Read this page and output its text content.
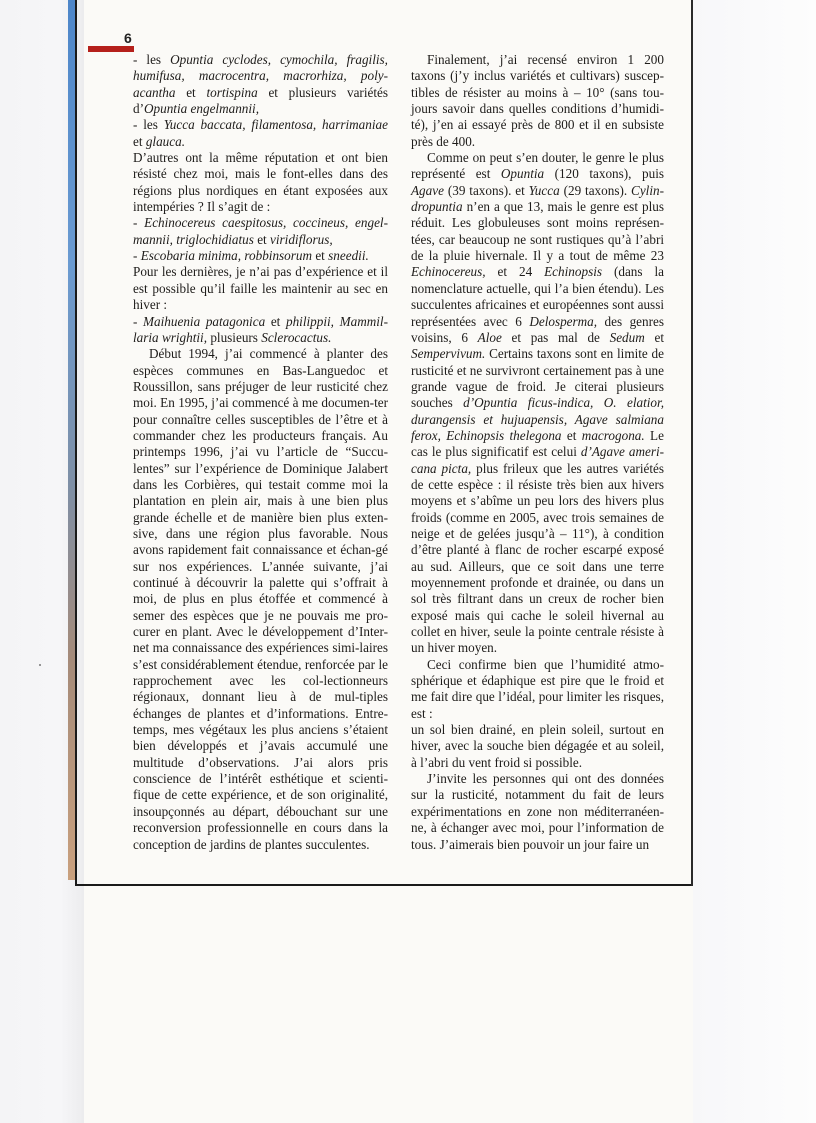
6

- les Opuntia cyclodes, cymochila, fragilis, humifusa, macrocentra, macrorhiza, poly-acantha et tortispina et plusieurs variétés d’Opuntia engelmannii,

- les Yucca baccata, filamentosa, harrimaniae et glauca.

D’autres ont la même réputation et ont bien résisté chez moi, mais le font-elles dans des régions plus nordiques en étant exposées aux intempéries ? Il s’agit de :

- Echinocereus caespitosus, coccineus, engel-mannii, triglochidiatus et viridiflorus,

- Escobaria minima, robbinsorum et sneedii.

Pour les dernières, je n’ai pas d’expérience et il est possible qu’il faille les maintenir au sec en hiver :

- Maihuenia patagonica et philippii, Mammil-laria wrightii, plusieurs Sclerocactus.

Début 1994, j’ai commencé à planter des espèces communes en Bas-Languedoc et Roussillon, sans préjuger de leur rusticité chez moi. En 1995, j’ai commencé à me documen-ter pour connaître celles susceptibles de l’être et à commander chez les producteurs français. Au printemps 1996, j’ai vu l’article de “Succu-lentes” sur l’expérience de Dominique Jalabert dans les Corbières, qui testait comme moi la plantation en plein air, mais à une bien plus grande échelle et de manière bien plus exten-sive, dans une région plus favorable. Nous avons rapidement fait connaissance et échan-gé sur nos expériences. L’année suivante, j’ai continué à découvrir la palette qui s’offrait à moi, de plus en plus étoffée et commencé à semer des espèces que je ne pouvais me pro-curer en plant. Avec le développement d’Inter-net ma connaissance des expériences simi-laires s’est considérablement étendue, renforcée par le rapprochement avec les col-lectionneurs régionaux, donnant lieu à de mul-tiples échanges de plantes et d’informations. Entre-temps, mes végétaux les plus anciens s’étaient bien développés et j’avais accumulé une multitude d’observations. J’ai alors pris conscience de l’intérêt esthétique et scienti-fique de cette expérience, et de son originalité, insoupçonnés au départ, débouchant sur une reconversion professionnelle en cours dans la conception de jardins de plantes succulentes.

Finalement, j’ai recensé environ 1 200 taxons (j’y inclus variétés et cultivars) suscep-tibles de résister au moins à – 10° (sans tou-jours savoir dans quelles conditions d’humidi-té), j’en ai essayé près de 800 et il en subsiste près de 400.

Comme on peut s’en douter, le genre le plus représenté est Opuntia (120 taxons), puis Agave (39 taxons). et Yucca (29 taxons). Cylin-dropuntia n’en a que 13, mais le genre est plus réduit. Les globuleuses sont moins représen-tées, car beaucoup ne sont rustiques qu’à l’abri de la pluie hivernale. Il y a tout de même 23 Echinocereus, et 24 Echinopsis (dans la nomenclature actuelle, qui l’a bien étendu). Les succulentes africaines et européennes sont aussi représentées avec 6 Delosperma, des genres voisins, 6 Aloe et pas mal de Sedum et Sempervivum. Certains taxons sont en limite de rusticité et ne survivront certainement pas à une grande vague de froid. Je citerai plusieurs souches d’Opuntia ficus-indica, O. elatior, durangensis et hujuapensis, Agave salmiana ferox, Echinopsis thelegona et macrogona. Le cas le plus significatif est celui d’Agave ameri-cana picta, plus frileux que les autres variétés de cette espèce : il résiste très bien aux hivers moyens et s’abîme un peu lors des hivers plus froids (comme en 2005, avec trois semaines de neige et de gelées jusqu’à – 11°), à condition d’être planté à flanc de rocher escarpé exposé au sud. Ailleurs, que ce soit dans une terre moyennement profonde et drainée, ou dans un sol très filtrant dans un creux de rocher bien exposé mais qui cache le soleil hivernal au collet en hiver, seule la pointe centrale résiste à un hiver moyen.

Ceci confirme bien que l’humidité atmo-sphérique et édaphique est pire que le froid et me fait dire que l’idéal, pour limiter les risques, est :

un sol bien drainé, en plein soleil, surtout en hiver, avec la souche bien dégagée et au soleil, à l’abri du vent froid si possible.

J’invite les personnes qui ont des données sur la rusticité, notamment du fait de leurs expérimentations en zone non méditerranéen-ne, à échanger avec moi, pour l’information de tous. J’aimerais bien pouvoir un jour faire un
